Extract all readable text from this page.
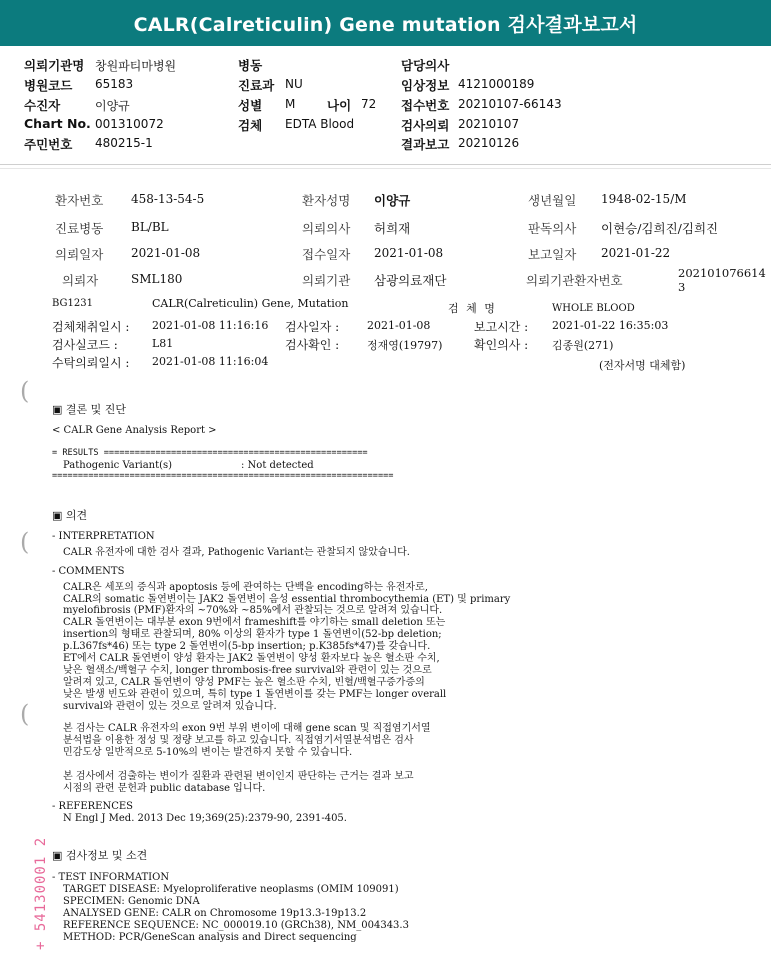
CALR(Calreticulin) Gene mutation 검사결과보고서
의뢰기관명 창원파티마병원
병원코드 65183
수진자	이양규
Chart No. 001310072
주민번호 480215-1
병동
진료과 NU
성별 M	나이 72
검체 EDTA Blood
담당의사
임상정보 4121000189
접수번호 20210107-66143
검사의뢰 20210107
결과보고 20210126
환자번호 458-13-54-5	환자성명 이양규	생년월일 1948-02-15/M
진료병동 BL/BL	의뢰의사 허희재	판독의사 이현승/김희진/김희진
의뢰일자 2021-01-08	접수일자 2021-01-08	보고일자 2021-01-22
의뢰자	SML180	의뢰기관 삼광의료재단	의뢰기관환자번호	202101076614
3
BG1231	CALR(Calreticulin) Gene, Mutation	검 체 명	WHOLE BLOOD
검체채취일시 : 2021-01-08 11:16:16 검사일자 :	2021-01-08	보고시간 : 2021-01-22 16:35:03
검사실코드 :	L81	검사확인 :	정재영(19797)	확인의사 : 김종원(271)
수탁의뢰일시 : 2021-01-08 11:16:04	(전자서명 대체함)
(
(
(
▣ 결론 및 진단
< CALR Gene Analysis Report >
= RESULTS ===================================================
Pathogenic Variant(s)	: Not detected
==================================================================
▣ 의견
- INTERPRETATION
CALR 유전자에 대한 검사 결과, Pathogenic Variant는 관찰되지 않았습니다.
- COMMENTS
CALR은 세포의 증식과 apoptosis 등에 관여하는 단백을 encoding하는 유전자로,
CALR의 somatic 돌연변이는 JAK2 돌연변이 음성 essential thrombocythemia (ET) 및 primary
myelofibrosis (PMF)환자의 ~70%와 ~85%에서 관찰되는 것으로 알려져 있습니다.
CALR 돌연변이는 대부분 exon 9번에서 frameshift를 야기하는 small deletion 또는
insertion의 형태로 관찰되며, 80% 이상의 환자가 type 1 돌연변이(52-bp deletion;
p.L367fs*46) 또는 type 2 돌연변이(5-bp insertion; p.K385fs*47)를 갖습니다.
ET에서 CALR 돌연변이 양성 환자는 JAK2 돌연변이 양성 환자보다 높은 혈소판 수치,
낮은 혈색소/백혈구 수치, longer thrombosis-free survival와 관련이 있는 것으로
알려져 있고, CALR 돌연변이 양성 PMF는 높은 혈소판 수치, 빈혈/백혈구증가증의
낮은 발생 빈도와 관련이 있으며, 특히 type 1 돌연변이를 갖는 PMF는 longer overall
survival와 관련이 있는 것으로 알려져 있습니다.
본 검사는 CALR 유전자의 exon 9번 부위 변이에 대해 gene scan 및 직접염기서열
분석법을 이용한 정성 및 정량 보고를 하고 있습니다. 직접염기서열분석법은 검사
민감도상 일반적으로 5-10%의 변이는 발견하지 못할 수 있습니다.
본 검사에서 검출하는 변이가 질환과 관련된 변이인지 판단하는 근거는 결과 보고
시점의 관련 문헌과 public database 입니다.
- REFERENCES
N Engl J Med. 2013 Dec 19;369(25):2379-90, 2391-405.
▣ 검사정보 및 소견
- TEST INFORMATION
TARGET DISEASE: Myeloproliferative neoplasms (OMIM 109091)
SPECIMEN: Genomic DNA
ANALYSED GENE: CALR on Chromosome 19p13.3-19p13.2
REFERENCE SEQUENCE: NC_000019.10 (GRCh38), NM_004343.3
METHOD: PCR/GeneScan analysis and Direct sequencing
+ 54130001 2
